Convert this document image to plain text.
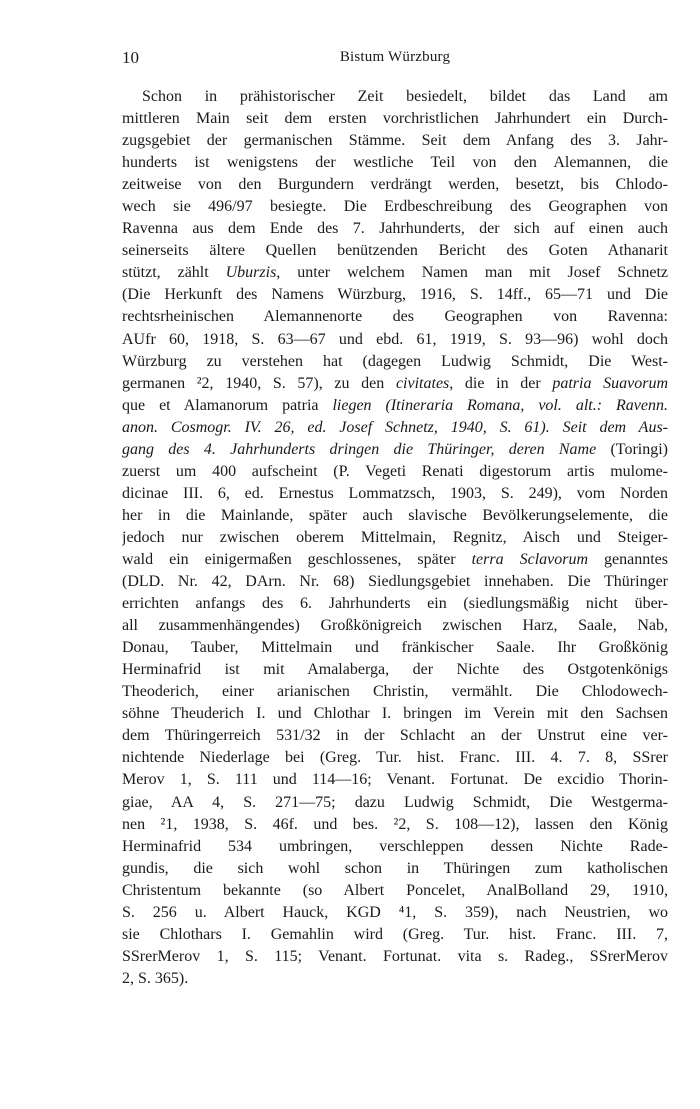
10	Bistum Würzburg
Schon in prähistorischer Zeit besiedelt, bildet das Land am
mittleren Main seit dem ersten vorchristlichen Jahrhundert ein Durch-
zugsgebiet der germanischen Stämme. Seit dem Anfang des 3. Jahr-
hunderts ist wenigstens der westliche Teil von den Alemannen, die
zeitweise von den Burgundern verdrängt werden, besetzt, bis Chlodo-
wech sie 496/97 besiegte. Die Erdbeschreibung des Geographen von
Ravenna aus dem Ende des 7. Jahrhunderts, der sich auf einen auch
seinerseits ältere Quellen benützenden Bericht des Goten Athanarit
stützt, zählt Uburzis, unter welchem Namen man mit Josef Schnetz
(Die Herkunft des Namens Würzburg, 1916, S. 14ff., 65—71 und Die
rechtsrheinischen Alemannenorte des Geographen von Ravenna:
AUfr 60, 1918, S. 63—67 und ebd. 61, 1919, S. 93—96) wohl doch
Würzburg zu verstehen hat (dagegen Ludwig Schmidt, Die West-
germanen ²2, 1940, S. 57), zu den civitates, die in der patria Suavorum
que et Alamanorum patria liegen (Itineraria Romana, vol. alt.: Ravenn.
anon. Cosmogr. IV. 26, ed. Josef Schnetz, 1940, S. 61). Seit dem Aus-
gang des 4. Jahrhunderts dringen die Thüringer, deren Name (Toringi)
zuerst um 400 aufscheint (P. Vegeti Renati digestorum artis mulome-
dicinae III. 6, ed. Ernestus Lommatzsch, 1903, S. 249), vom Norden
her in die Mainlande, später auch slavische Bevölkerungselemente, die
jedoch nur zwischen oberem Mittelmain, Regnitz, Aisch und Steiger-
wald ein einigermaßen geschlossenes, später terra Sclavorum genanntes
(DLD. Nr. 42, DArn. Nr. 68) Siedlungsgebiet innehaben. Die Thüringer
errichten anfangs des 6. Jahrhunderts ein (siedlungsmäßig nicht über-
all zusammenhängendes) Großkönigreich zwischen Harz, Saale, Nab,
Donau, Tauber, Mittelmain und fränkischer Saale. Ihr Großkönig
Herminafrid ist mit Amalaberga, der Nichte des Ostgotenkönigs
Theoderich, einer arianischen Christin, vermählt. Die Chlodowech-
söhne Theuderich I. und Chlothar I. bringen im Verein mit den Sachsen
dem Thüringerreich 531/32 in der Schlacht an der Unstrut eine ver-
nichtende Niederlage bei (Greg. Tur. hist. Franc. III. 4. 7. 8, SSrer
Merov 1, S. 111 und 114—16; Venant. Fortunat. De excidio Thorin-
giae, AA 4, S. 271—75; dazu Ludwig Schmidt, Die Westgerma-
nen ²1, 1938, S. 46f. und bes. ²2, S. 108—12), lassen den König
Herminafrid 534 umbringen, verschleppen dessen Nichte Rade-
gundis, die sich wohl schon in Thüringen zum katholischen
Christentum bekannte (so Albert Poncelet, AnalBolland 29, 1910,
S. 256 u. Albert Hauck, KGD ⁴1, S. 359), nach Neustrien, wo
sie Chlothars I. Gemahlin wird (Greg. Tur. hist. Franc. III. 7,
SSrerMerov 1, S. 115; Venant. Fortunat. vita s. Radeg., SSrerMerov
2, S. 365).
